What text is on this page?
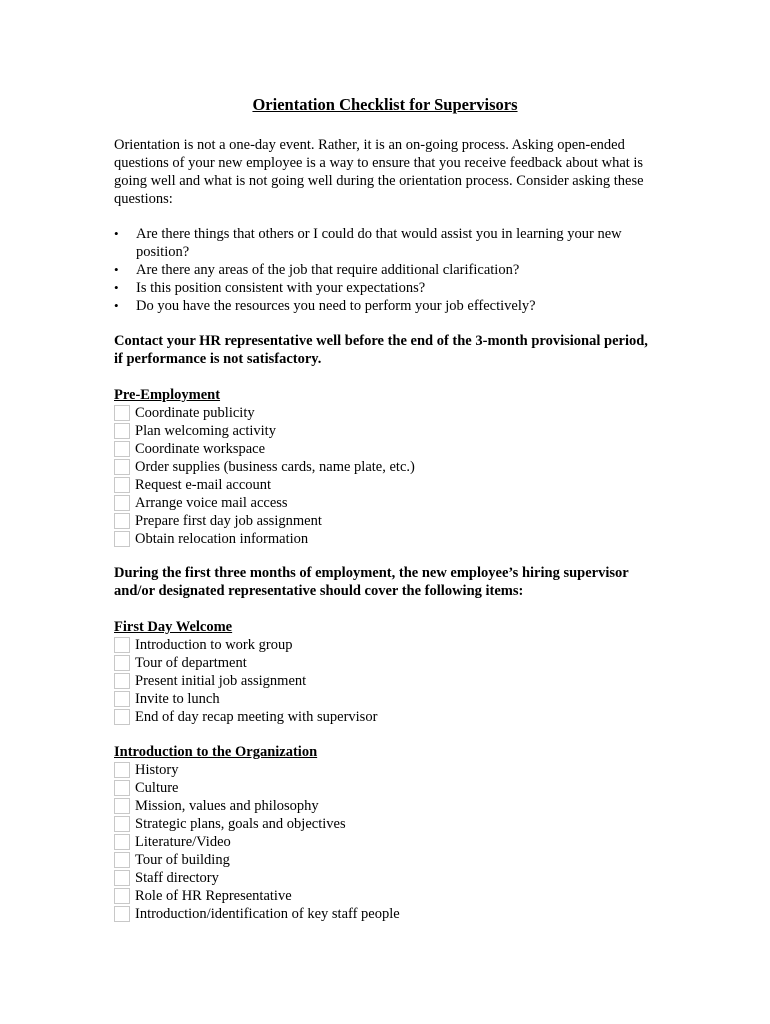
Orientation Checklist for Supervisors

Orientation is not a one-day event. Rather, it is an on-going process. Asking open-ended questions of your new employee is a way to ensure that you receive feedback about what is going well and what is not going well during the orientation process. Consider asking these questions:

•	Are there things that others or I could do that would assist you in learning your new position?
•	Are there any areas of the job that require additional clarification?
•	Is this position consistent with your expectations?
•	Do you have the resources you need to perform your job effectively?

Contact your HR representative well before the end of the 3-month provisional period, if performance is not satisfactory.

Pre-Employment
Coordinate publicity
Plan welcoming activity
Coordinate workspace
Order supplies (business cards, name plate, etc.)
Request e-mail account
Arrange voice mail access
Prepare first day job assignment
Obtain relocation information

During the first three months of employment, the new employee’s hiring supervisor and/or designated representative should cover the following items:

First Day Welcome
Introduction to work group
Tour of department
Present initial job assignment
Invite to lunch
End of day recap meeting with supervisor
Introduction to the Organization
History
Culture
Mission, values and philosophy
Strategic plans, goals and objectives
Literature/Video
Tour of building
Staff directory
Role of HR Representative
Introduction/identification of key staff people
